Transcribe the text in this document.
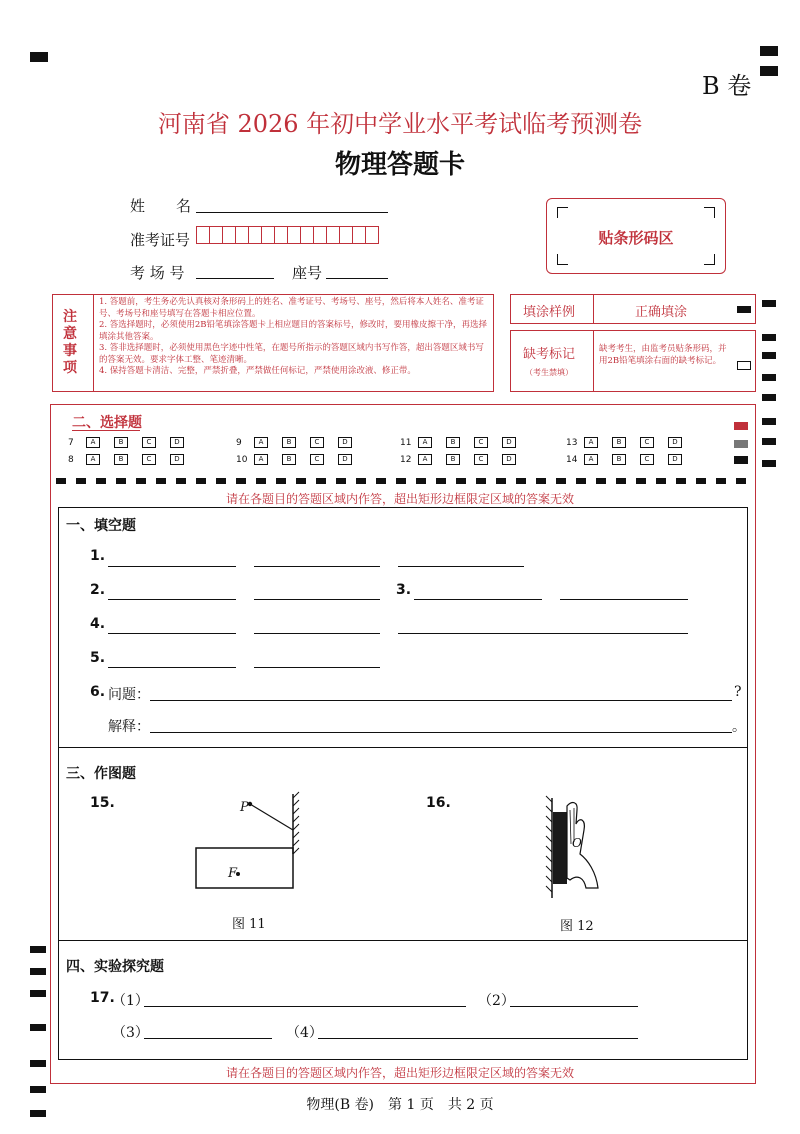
B 卷
河南省 2026 年初中学业水平考试临考预测卷
物理答题卡
姓　名
准考证号
考 场 号	座号
贴条形码区
注意事项
1. 答题前，考生务必先认真核对条形码上的姓名、准考证号、考场号、座号，然后将本人姓名、准考证号、考场号和座号填写在答题卡相应位置。
2. 答选择题时，必须使用2B铅笔填涂答题卡上相应题目的答案标号，修改时，要用橡皮擦干净，再选择填涂其他答案。
3. 答非选择题时，必须使用黑色字迹中性笔，在题号所指示的答题区域内书写作答，超出答题区域书写的答案无效。要求字体工整、笔迹清晰。
4. 保持答题卡清洁、完整，严禁折叠，严禁做任何标记，严禁使用涂改液、修正带。
填涂样例	正确填涂
缺考标记
（考生禁填）
缺考考生，由监考员贴条形码，并用2B铅笔填涂右面的缺考标记。
二、选择题
7 A	B	C	D
8 A	B	C	D
9 A	B	C	D
10 A	B	C	D
11 A	B	C	D
12 A	B	C	D
13 A	B	C	D
14 A	B	C	D
请在各题目的答题区域内作答，超出矩形边框限定区域的答案无效
一、填空题
1.
2.	3.
4.
5.
6. 问题：	?
解释：	。
三、作图题
15.	16.
P
F
图 11
O
图 12
四、实验探究题
17.
（1）	（2）
（3）	（4）
请在各题目的答题区域内作答，超出矩形边框限定区域的答案无效
物理(B 卷)　第 1 页　共 2 页
